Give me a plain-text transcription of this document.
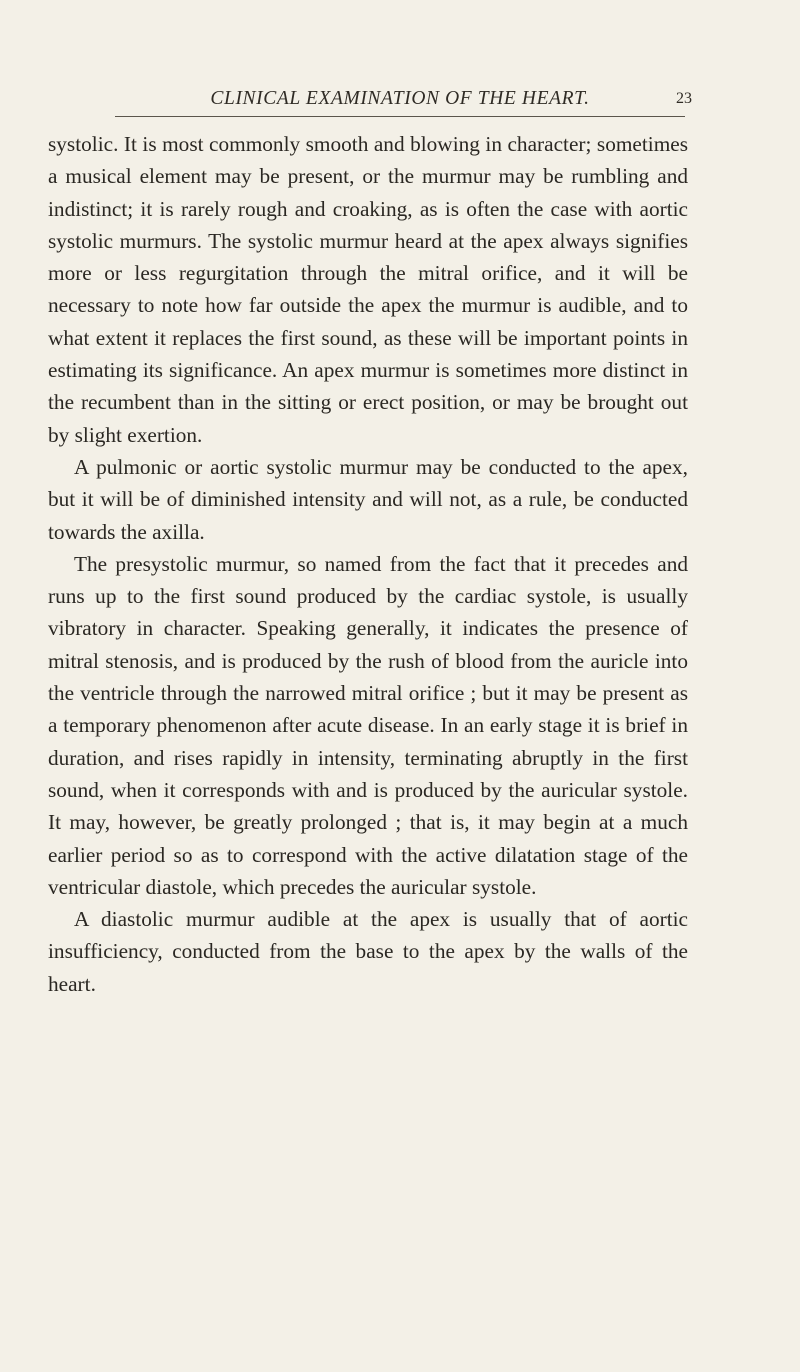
CLINICAL EXAMINATION OF THE HEART.	23

systolic. It is most commonly smooth and blowing in character; sometimes a musical element may be present, or the murmur may be rumbling and indistinct; it is rarely rough and croaking, as is often the case with aortic systolic murmurs. The systolic murmur heard at the apex always signifies more or less regurgitation through the mitral orifice, and it will be necessary to note how far outside the apex the murmur is audible, and to what extent it replaces the first sound, as these will be important points in estimating its significance. An apex murmur is sometimes more distinct in the recumbent than in the sitting or erect position, or may be brought out by slight exertion.

A pulmonic or aortic systolic murmur may be conducted to the apex, but it will be of diminished intensity and will not, as a rule, be conducted towards the axilla.

The presystolic murmur, so named from the fact that it precedes and runs up to the first sound produced by the cardiac systole, is usually vibratory in character. Speaking generally, it indicates the presence of mitral stenosis, and is produced by the rush of blood from the auricle into the ventricle through the narrowed mitral orifice ; but it may be present as a temporary phenomenon after acute disease. In an early stage it is brief in duration, and rises rapidly in intensity, terminating abruptly in the first sound, when it corresponds with and is produced by the auricular systole. It may, however, be greatly prolonged ; that is, it may begin at a much earlier period so as to correspond with the active dilatation stage of the ventricular diastole, which precedes the auricular systole.

A diastolic murmur audible at the apex is usually that of aortic insufficiency, conducted from the base to the apex by the walls of the heart.
